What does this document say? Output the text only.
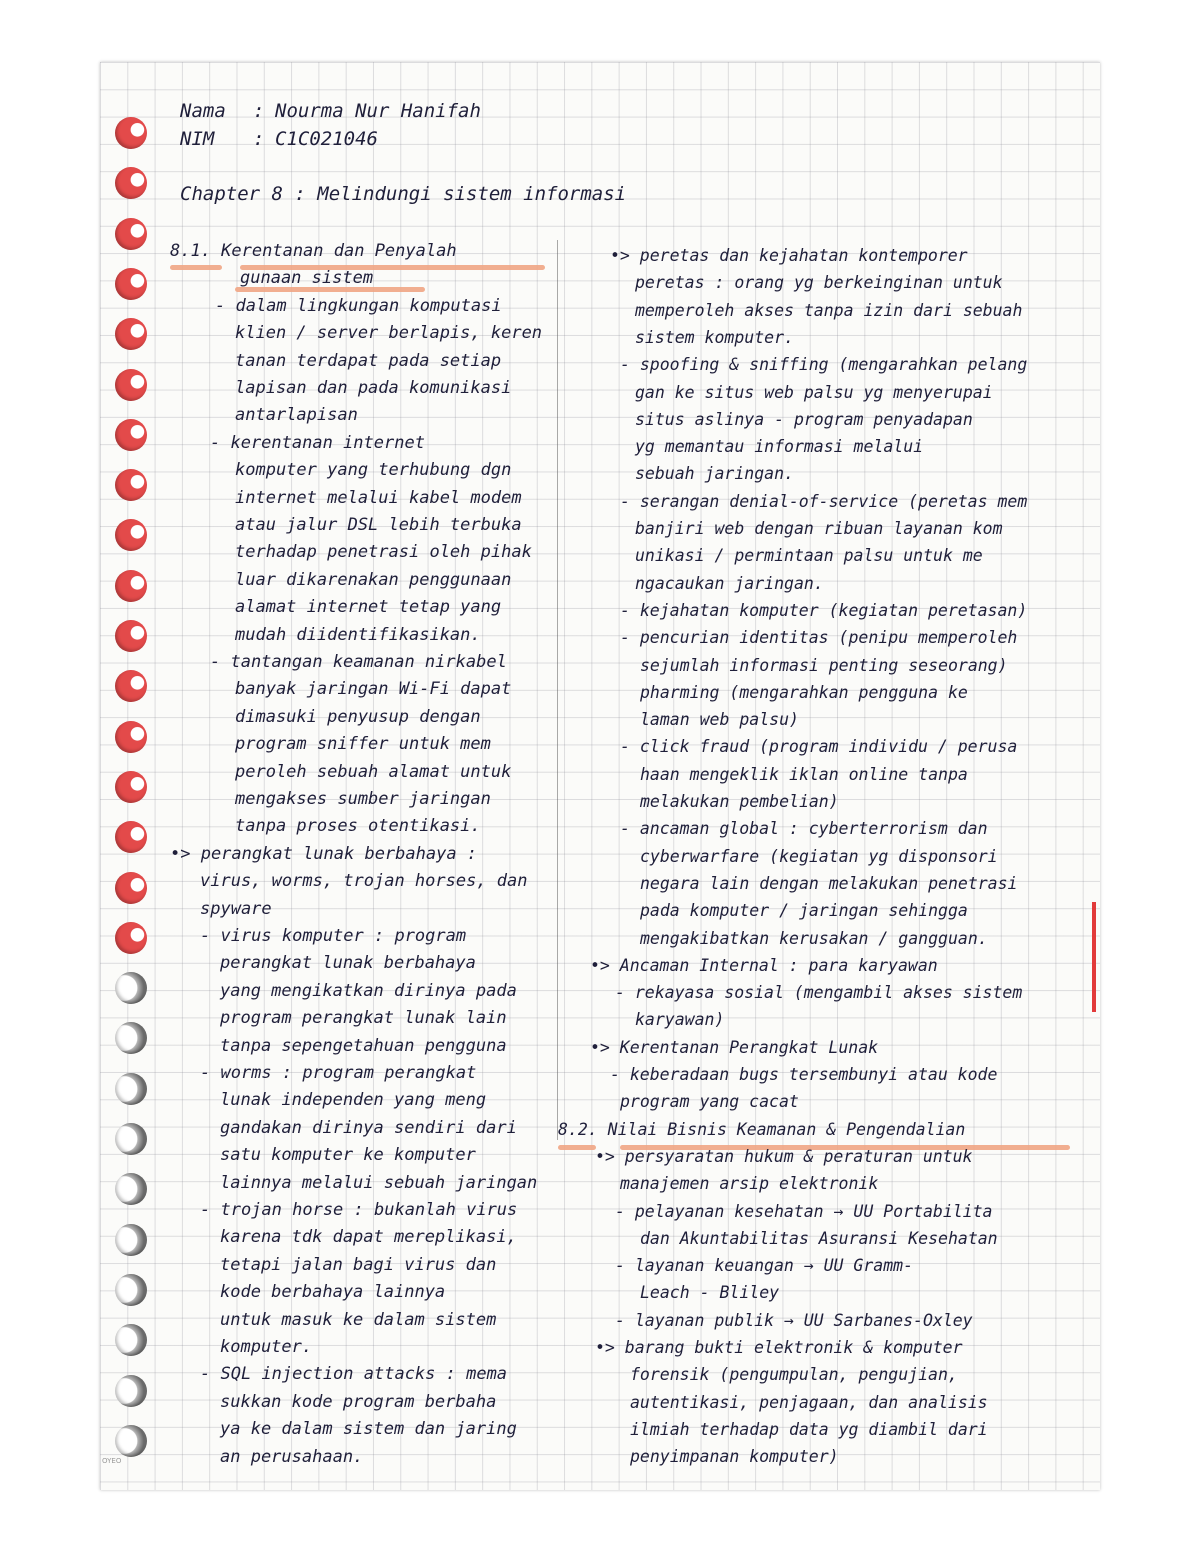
OYEO
Nama : Nourma Nur Hanifah
NIM : C1C021046
Chapter 8 : Melindungi sistem informasi
8.1. Kerentanan dan Penyalah
gunaan sistem
- dalam lingkungan komputasi
klien / server berlapis, keren
tanan terdapat pada setiap
lapisan dan pada komunikasi
antarlapisan
- kerentanan internet
komputer yang terhubung dgn
internet melalui kabel modem
atau jalur DSL lebih terbuka
terhadap penetrasi oleh pihak
luar dikarenakan penggunaan
alamat internet tetap yang
mudah diidentifikasikan.
- tantangan keamanan nirkabel
banyak jaringan Wi-Fi dapat
dimasuki penyusup dengan
program sniffer untuk mem
peroleh sebuah alamat untuk
mengakses sumber jaringan
tanpa proses otentikasi.
•> perangkat lunak berbahaya :
virus, worms, trojan horses, dan
spyware
- virus komputer : program
perangkat lunak berbahaya
yang mengikatkan dirinya pada
program perangkat lunak lain
tanpa sepengetahuan pengguna
- worms : program perangkat
lunak independen yang meng
gandakan dirinya sendiri dari
satu komputer ke komputer
lainnya melalui sebuah jaringan
- trojan horse : bukanlah virus
karena tdk dapat mereplikasi,
tetapi jalan bagi virus dan
kode berbahaya lainnya
untuk masuk ke dalam sistem
komputer.
- SQL injection attacks : mema
sukkan kode program berbaha
ya ke dalam sistem dan jaring
an perusahaan.
•> peretas dan kejahatan kontemporer
peretas : orang yg berkeinginan untuk
memperoleh akses tanpa izin dari sebuah
sistem komputer.
- spoofing & sniffing (mengarahkan pelang
gan ke situs web palsu yg menyerupai
situs aslinya - program penyadapan
yg memantau informasi melalui
sebuah jaringan.
- serangan denial-of-service (peretas mem
banjiri web dengan ribuan layanan kom
unikasi / permintaan palsu untuk me
ngacaukan jaringan.
- kejahatan komputer (kegiatan peretasan)
- pencurian identitas (penipu memperoleh
sejumlah informasi penting seseorang)
pharming (mengarahkan pengguna ke
laman web palsu)
- click fraud (program individu / perusa
haan mengeklik iklan online tanpa
melakukan pembelian)
- ancaman global : cyberterrorism dan
cyberwarfare (kegiatan yg disponsori
negara lain dengan melakukan penetrasi
pada komputer / jaringan sehingga
mengakibatkan kerusakan / gangguan.
•> Ancaman Internal : para karyawan
- rekayasa sosial (mengambil akses sistem
karyawan)
•> Kerentanan Perangkat Lunak
- keberadaan bugs tersembunyi atau kode
program yang cacat
8.2. Nilai Bisnis Keamanan & Pengendalian
•> persyaratan hukum & peraturan untuk
manajemen arsip elektronik
- pelayanan kesehatan → UU Portabilita
dan Akuntabilitas Asuransi Kesehatan
- layanan keuangan → UU Gramm-
Leach - Bliley
- layanan publik → UU Sarbanes-Oxley
•> barang bukti elektronik & komputer
forensik (pengumpulan, pengujian,
autentikasi, penjagaan, dan analisis
ilmiah terhadap data yg diambil dari
penyimpanan komputer)
